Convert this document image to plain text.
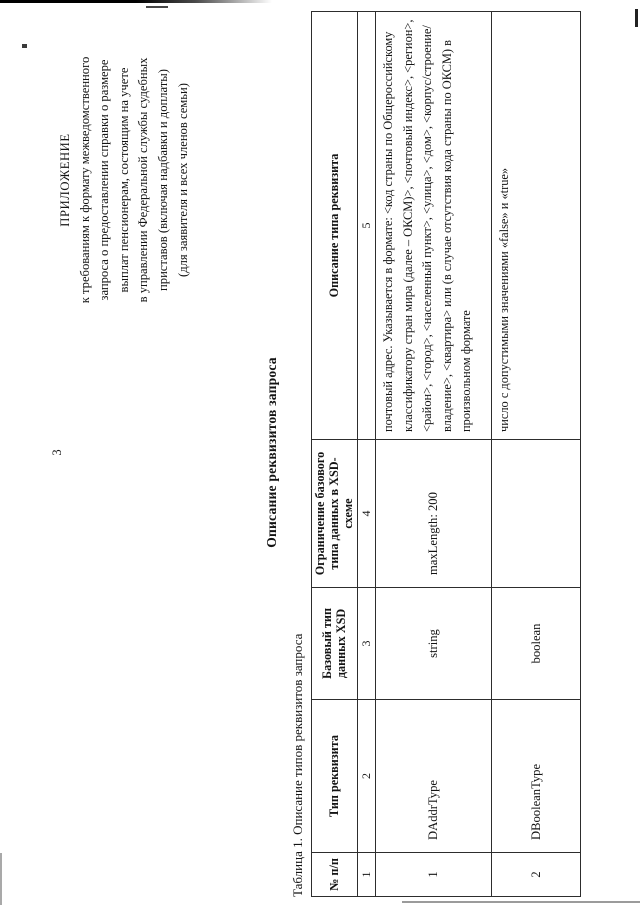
3
ПРИЛОЖЕНИЕ к требованиям к формату межведомственного запроса о предоставлении справки о размере выплат пенсионерам, состоящим на учете в управлении Федеральной службы судебных приставов (включая надбавки и доплаты) (для заявителя и всех членов семьи)
Описание реквизитов запроса
Таблица 1. Описание типов реквизитов запроса № п/п	Тип реквизита	Базовый тип данных XSD	Ограничение базового типа данных в XSD-схеме	Описание типа реквизита
1	2	3	4	5
1	DAddrType	string	maxLength: 200	почтовый адрес. Указывается в формате: <код страны по Общероссийскому классификатору стран мира (далее – ОКСМ)>, <почтовый индекс>, <регион>, <район>, <город>, <населенный пункт>, <улица>, <дом>, <корпус/строение/владение>, <квартира> или (в случае отсутствия кода страны по ОКСМ) в произвольном формате
2	DBooleanType	boolean		число с допустимыми значениями «false» и «true»
